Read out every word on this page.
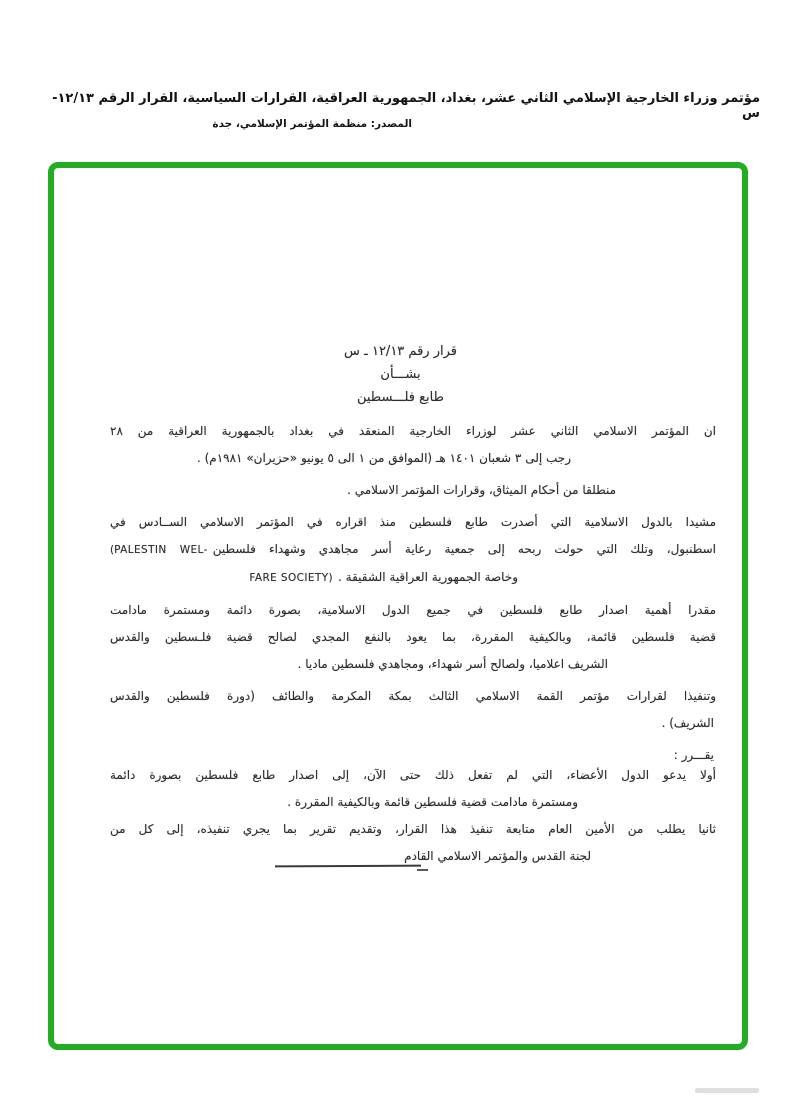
مؤتمر وزراء الخارجية الإسلامي الثاني عشر، بغداد، الجمهورية العراقية، القرارات السياسية، القرار الرقم ١٢/١٣- س
المصدر: منظمة المؤتمر الإسلامي، جدة
قرار رقم ١٢/١٣ ـ س
بشـــأن
طابع فلـــسطين
ان المؤتمر الاسلامي الثاني عشر لوزراء الخارجية المنعقد في بغداد بالجمهورية العراقية من ٢٨
رجب إلى ٣ شعبان ١٤٠١ هـ (الموافق من ١ الى ٥ يونيو «حزيران» ١٩٨١م) .
منطلقا من أحكام الميثاق، وقرارات المؤتمر الاسلامي .
مشيدا بالدول الاسلامية التي أصدرت طابع فلسطين منذ اقراره في المؤتمر الاسلامي الســادس في
اسطنبول، وتلك التي حولت ربحه إلى جمعية رعاية أسر مجاهدي وشهداء فلسطين(PALESTIN WEL-
وخاصة الجمهورية العراقية الشقيقة .FARE SOCIETY)
مقدرا أهمية اصدار طابع فلسطين في جميع الدول الاسلامية، بصورة دائمة ومستمرة مادامت
قضية فلسطين قائمة، وبالكيفية المقررة، بما يعود بالنفع المجدي لصالح قضية فلـسطين والقدس
الشريف اعلاميا، ولصالح أسر شهداء، ومجاهدي فلسطين ماديا .
وتنفيذا لقرارات مؤتمر القمة الاسلامي الثالث بمكة المكرمة والطائف (دورة فلسطين والقدس
الشريف) .
يقـــرر :
أولا يدعو الدول الأعضاء، التي لم تفعل ذلك حتى الآن، إلى اصدار طابع فلسطين بصورة دائمة
ومستمرة مادامت قضية فلسطين قائمة وبالكيفية المقررة .
ثانيا يطلب من الأمين العام متابعة تنفيذ هذا القرار، وتقديم تقرير بما يجري تنفيذه، إلى كل من
لجنة القدس والمؤتمر الاسلامي القادم
